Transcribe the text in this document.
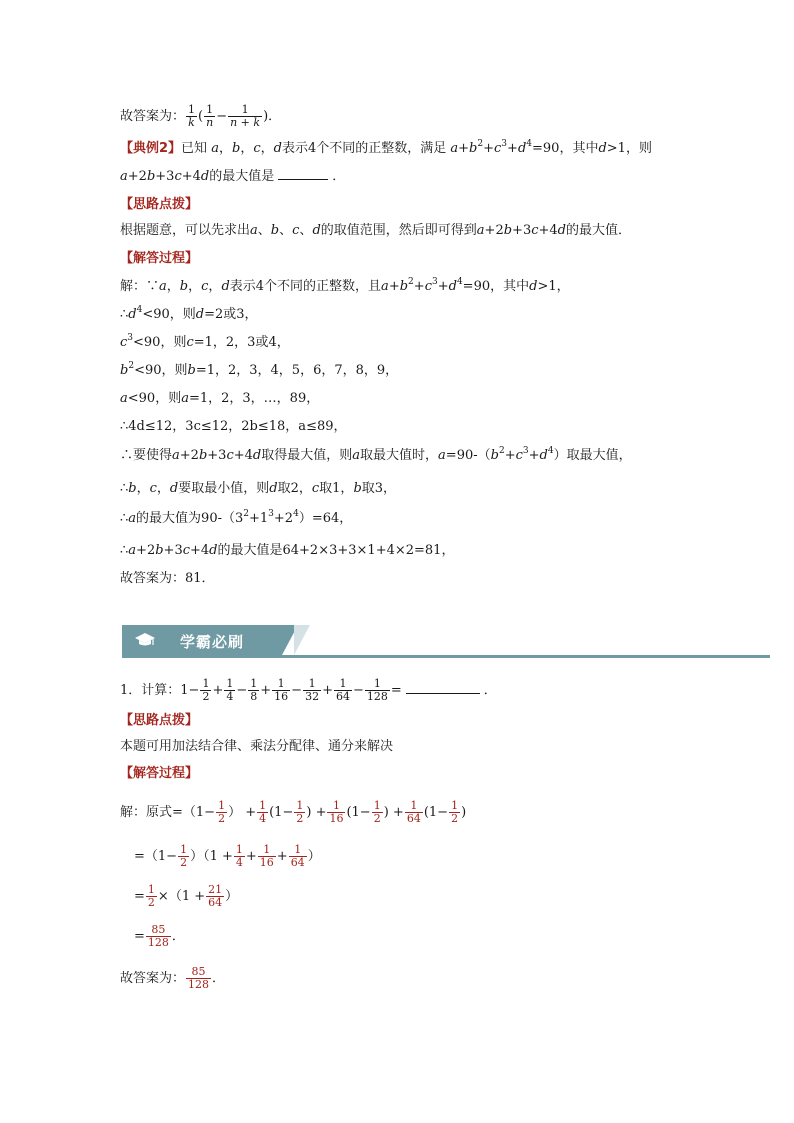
故答案为： $\frac{1}{k}$ ( $\frac{1}{n} - \frac{1}{n + k}$ )．
【典例2】已知 a，b，c，d表示4个不同的正整数，满足 $a+b^2+c^3+d^4=90$，其中d>1，则
a+2b+3c+4d的最大值是	．
【思路点拨】
根据题意，可以先求出a、b、c、d的取值范围，然后即可得到a+2b+3c+4d的最大值．
【解答过程】
解：∵a，b，c，d表示4个不同的正整数，且$a+b^2+c^3+d^4=90$，其中d>1，
$\therefore d^4<90$，则d=2或3，
$c^3<90$，则c=1，2，3或4，
$b^2<90$，则b=1，2，3，4，5，6，7，8，9，
a<90，则a=1，2，3，…，89，
∴4d≤12，3c≤12，2b≤18，a≤89，
∴要使得a+2b+3c+4d取得最大值，则a取最大值时，$a=90-(b^2+c^3+d^4)$取最大值，
∴b，c，d要取最小值，则d取2，c取1，b取3，
∴a的最大值为$90-(3^2+1^3+2^4)=64$，
∴a+2b+3c+4d的最大值是64+2×3+3×1+4×2=81，
故答案为：81．
学霸必刷
1．计算：$1- \frac{1}{2} + \frac{1}{4} - \frac{1}{8} + \frac{1}{16} - \frac{1}{32} + \frac{1}{64} - \frac{1}{128}$ =	．
【思路点拨】
本题可用加法结合律、乘法分配律、通分来解决
【解答过程】
解：原式$=(1- \frac{1}{2}$ ） + $\frac{1}{4} (1- \frac{1}{2}$ ) + $\frac{1}{16} (1- \frac{1}{2}$ ) + $\frac{1}{64} (1- \frac{1}{2}$ )
$=(1- \frac{1}{2} )(1 + \frac{1}{4} + \frac{1}{16} + \frac{1}{64}$ ）
= $\frac{1}{2} \times(1 + \frac{21}{64}$ ）
= $\frac{85}{128}$ ．
故答案为： $\frac{85}{128}$ ．
